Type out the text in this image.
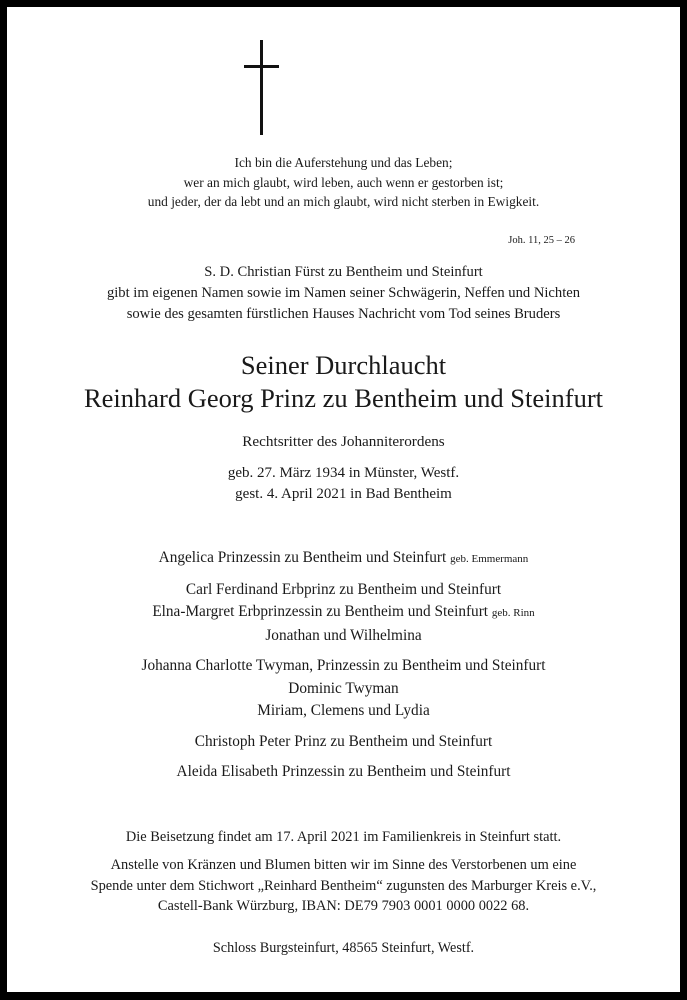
Ich bin die Auferstehung und das Leben;
wer an mich glaubt, wird leben, auch wenn er gestorben ist;
und jeder, der da lebt und an mich glaubt, wird nicht sterben in Ewigkeit.
Joh. 11, 25 – 26
S. D. Christian Fürst zu Bentheim und Steinfurt
gibt im eigenen Namen sowie im Namen seiner Schwägerin, Neffen und Nichten
sowie des gesamten fürstlichen Hauses Nachricht vom Tod seines Bruders
Seiner Durchlaucht
Reinhard Georg Prinz zu Bentheim und Steinfurt
Rechtsritter des Johanniterordens
geb. 27. März 1934 in Münster, Westf.
gest. 4. April 2021 in Bad Bentheim
Angelica Prinzessin zu Bentheim und Steinfurt geb. Emmermann
Carl Ferdinand Erbprinz zu Bentheim und Steinfurt
Elna-Margret Erbprinzessin zu Bentheim und Steinfurt geb. Rinn
Jonathan und Wilhelmina
Johanna Charlotte Twyman, Prinzessin zu Bentheim und Steinfurt
Dominic Twyman
Miriam, Clemens und Lydia
Christoph Peter Prinz zu Bentheim und Steinfurt
Aleida Elisabeth Prinzessin zu Bentheim und Steinfurt
Die Beisetzung findet am 17. April 2021 im Familienkreis in Steinfurt statt.
Anstelle von Kränzen und Blumen bitten wir im Sinne des Verstorbenen um eine
Spende unter dem Stichwort „Reinhard Bentheim“ zugunsten des Marburger Kreis e.V.,
Castell-Bank Würzburg, IBAN: DE79 7903 0001 0000 0022 68.
Schloss Burgsteinfurt, 48565 Steinfurt, Westf.
